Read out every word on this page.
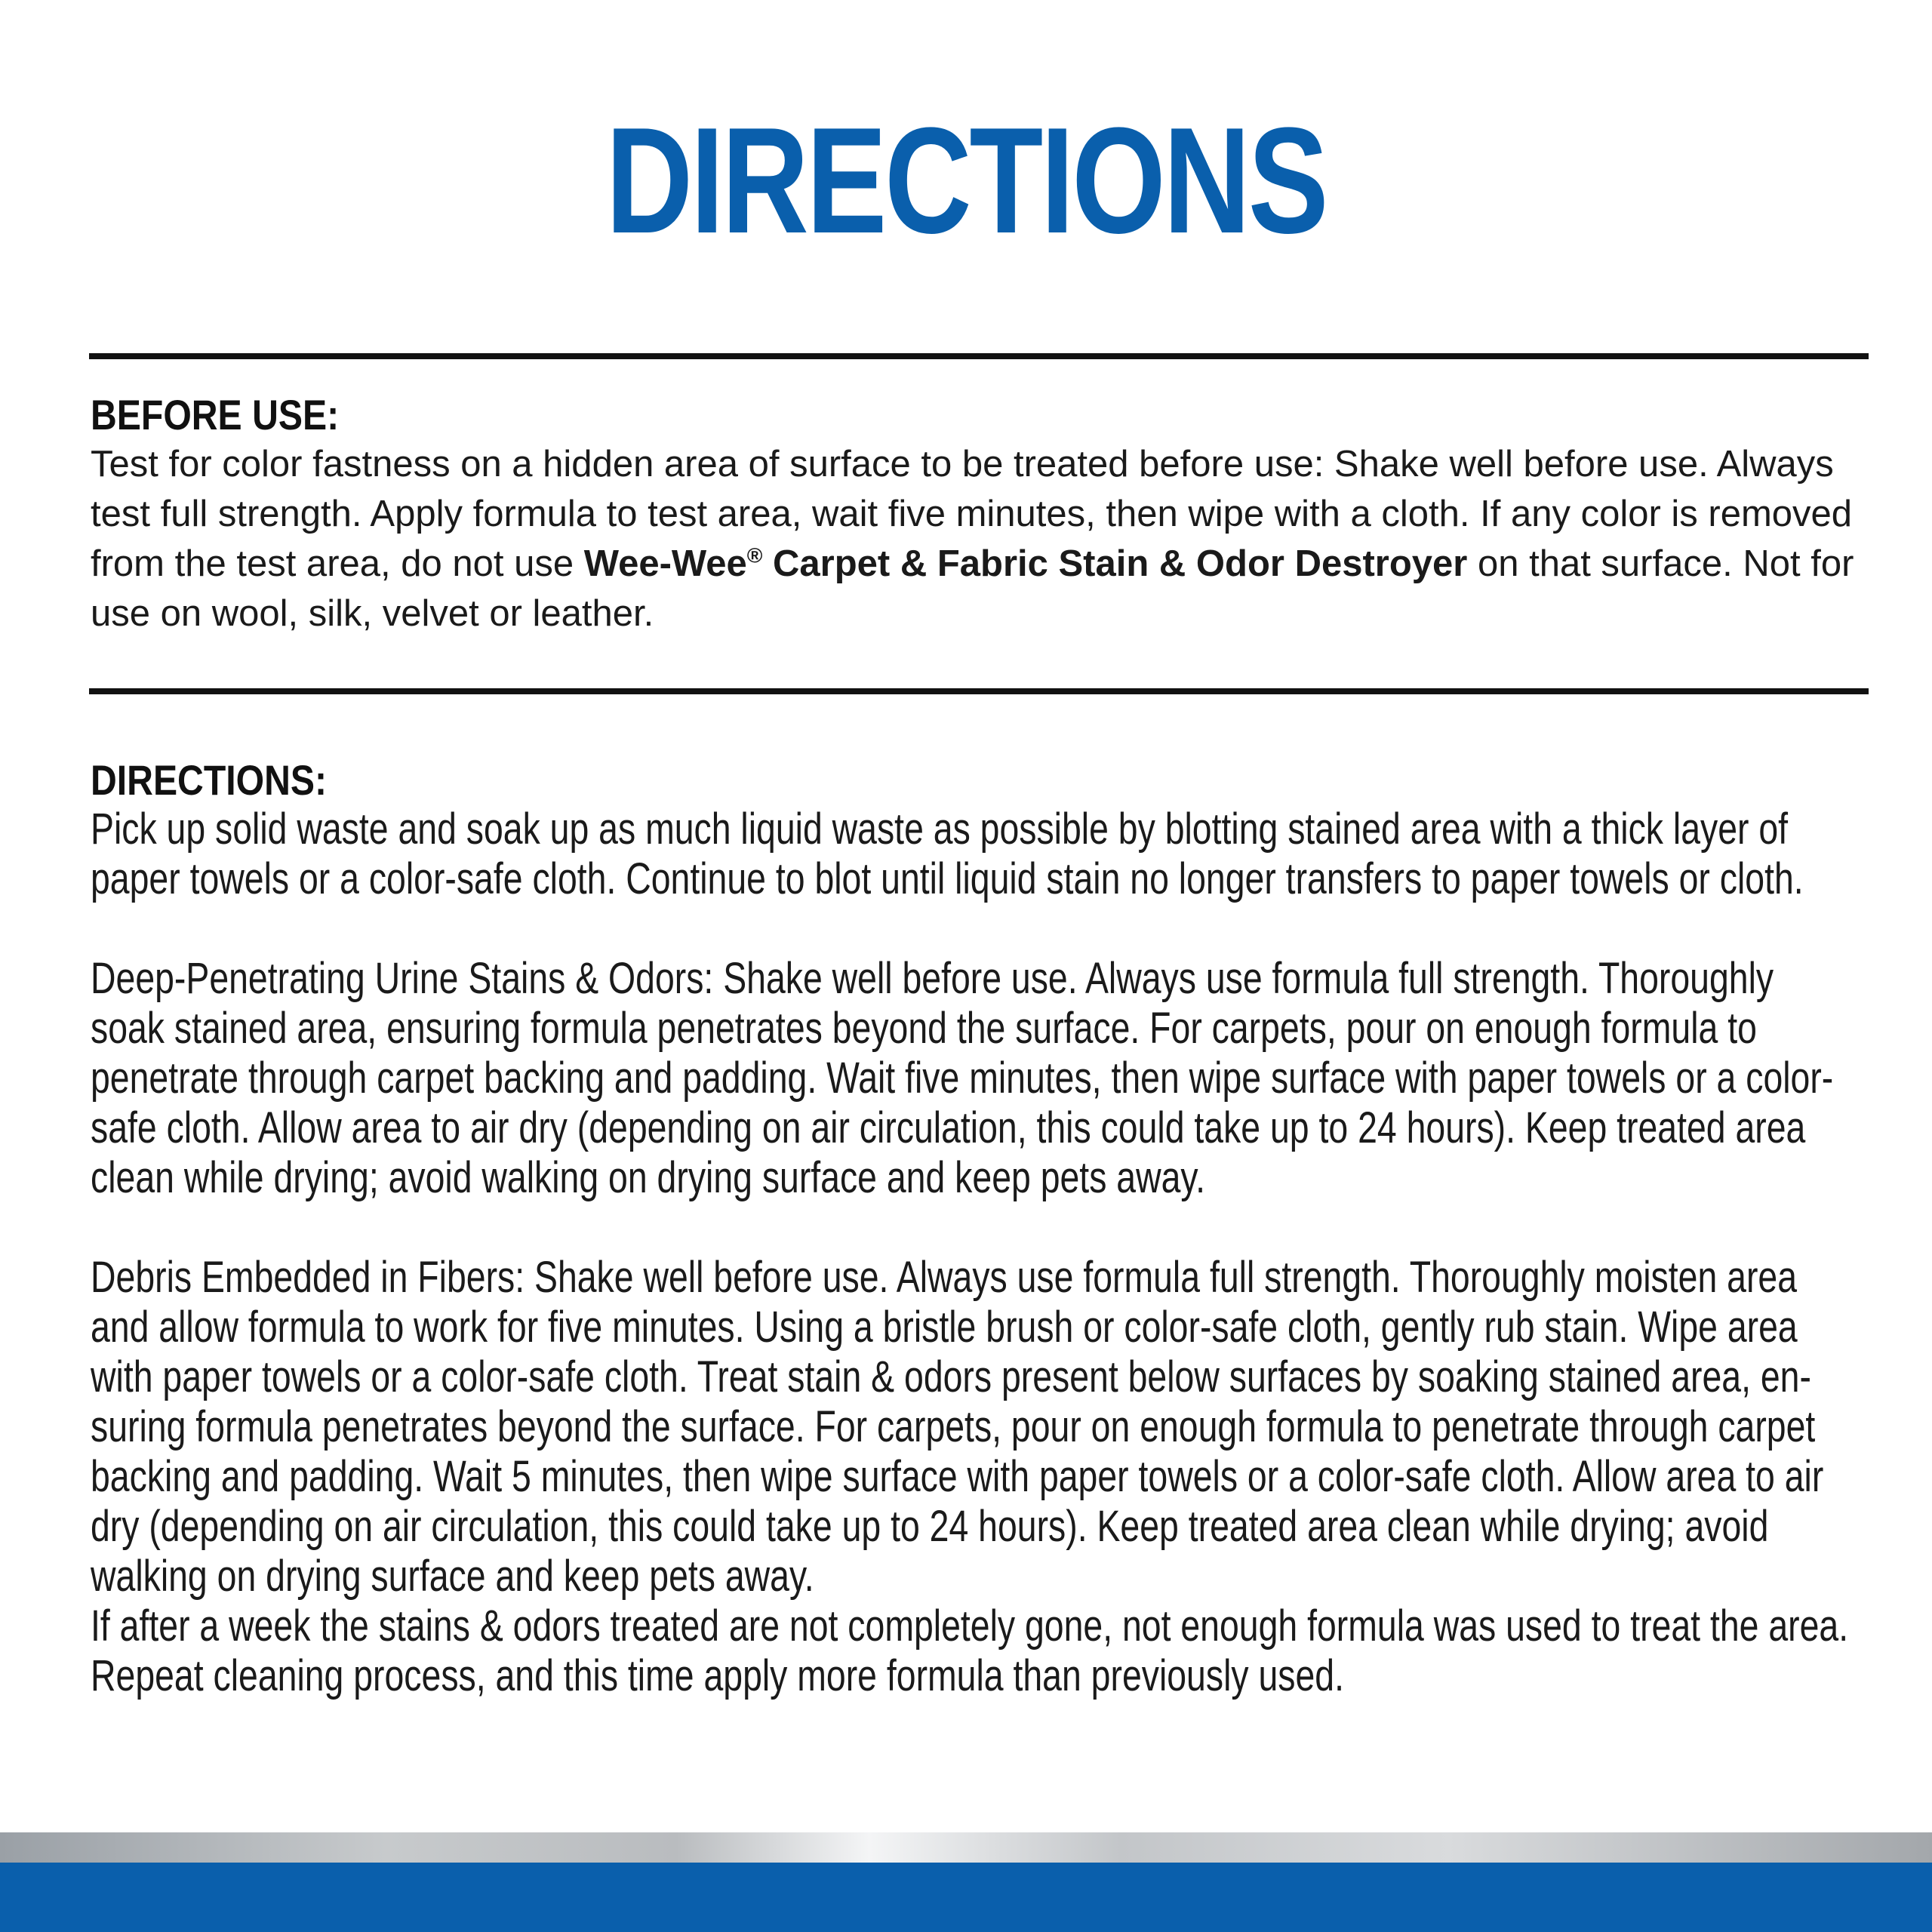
DIRECTIONS
BEFORE USE:

Test for color fastness on a hidden area of surface to be treated before use: Shake well before use. Always test full strength. Apply formula to test area, wait five minutes, then wipe with a cloth. If any color is removed from the test area, do not use Wee-Wee® Carpet & Fabric Stain & Odor Destroyer on that surface. Not for use on wool, silk, velvet or leather.

DIRECTIONS:

Pick up solid waste and soak up as much liquid waste as possible by blotting stained area with a thick layer of paper towels or a color-safe cloth. Continue to blot until liquid stain no longer transfers to paper towels or cloth.

Deep-Penetrating Urine Stains & Odors: Shake well before use. Always use formula full strength. Thoroughly soak stained area, ensuring formula penetrates beyond the surface. For carpets, pour on enough formula to penetrate through carpet backing and padding. Wait five minutes, then wipe surface with paper towels or a color-safe cloth. Allow area to air dry (depending on air circulation, this could take up to 24 hours). Keep treated area clean while drying; avoid walking on drying surface and keep pets away.

Debris Embedded in Fibers: Shake well before use. Always use formula full strength. Thoroughly moisten area and allow formula to work for five minutes. Using a bristle brush or color-safe cloth, gently rub stain. Wipe area with paper towels or a color-safe cloth. Treat stain & odors present below surfaces by soaking stained area, en-suring formula penetrates beyond the surface. For carpets, pour on enough formula to penetrate through carpet backing and padding. Wait 5 minutes, then wipe surface with paper towels or a color-safe cloth. Allow area to air dry (depending on air circulation, this could take up to 24 hours). Keep treated area clean while drying; avoid walking on drying surface and keep pets away.

If after a week the stains & odors treated are not completely gone, not enough formula was used to treat the area. Repeat cleaning process, and this time apply more formula than previously used.
